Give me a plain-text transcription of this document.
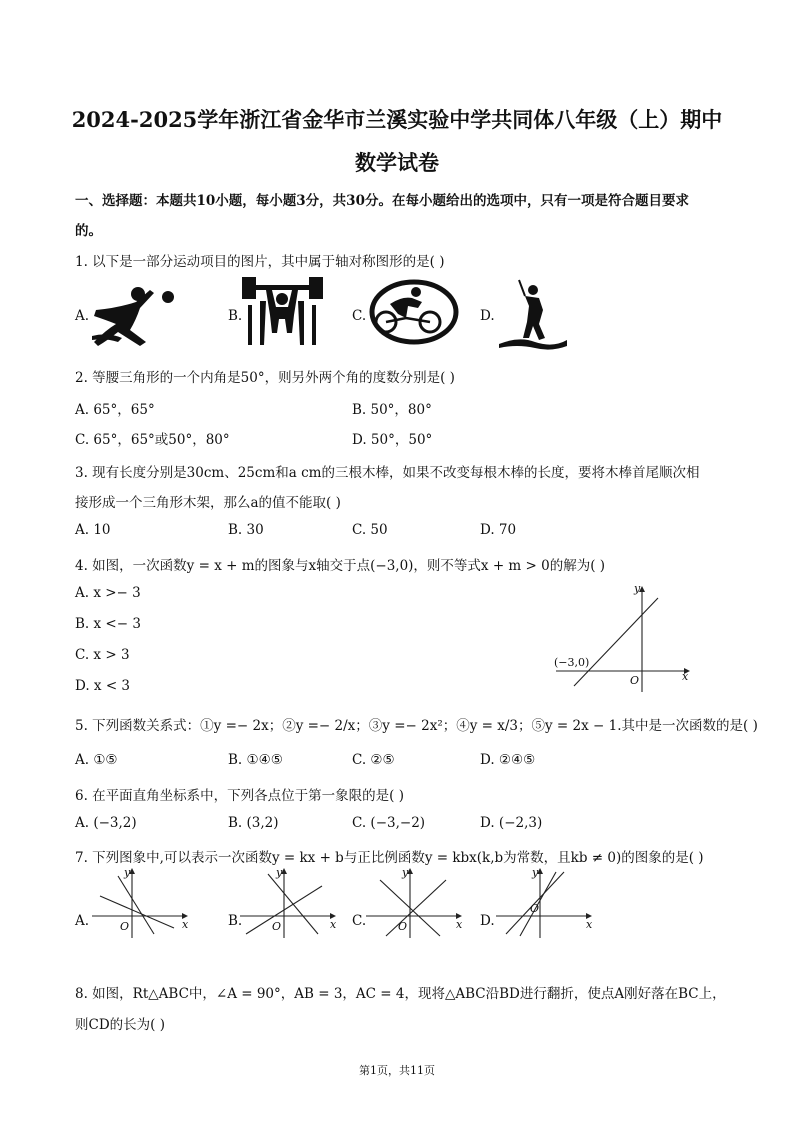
2024-2025学年浙江省金华市兰溪实验中学共同体八年级（上）期中
数学试卷
一、选择题：本题共10小题，每小题3分，共30分。在每小题给出的选项中，只有一项是符合题目要求
的。
1. 以下是一部分运动项目的图片，其中属于轴对称图形的是( )
A.	B.	C.	D.
2. 等腰三角形的一个内角是50°，则另外两个角的度数分别是( )
A. 65°，65°	B. 50°，80°
C. 65°，65°或50°，80°	D. 50°，50°
3. 现有长度分别是30cm、25cm和a cm的三根木棒，如果不改变每根木棒的长度，要将木棒首尾顺次相
接形成一个三角形木架，那么a的值不能取( )
A. 10	B. 30	C. 50	D. 70
4. 如图，一次函数y = x + m的图象与x轴交于点(−3,0)，则不等式x + m > 0的解为( )
A. x >− 3
B. x <− 3
C. x > 3
D. x < 3
y
x
O
(−3,0)
5. 下列函数关系式：①y =− 2x；②y =− 2/x；③y =− 2x²；④y = x/3；⑤y = 2x − 1.其中是一次函数的是( )
A. ①⑤	B. ①④⑤	C. ②⑤	D. ②④⑤
6. 在平面直角坐标系中，下列各点位于第一象限的是( )
A. (−3,2)	B. (3,2)	C. (−3,−2)	D. (−2,3)
7. 下列图象中,可以表示一次函数y = kx + b与正比例函数y = kbx(k,b为常数，且kb ≠ 0)的图象的是( )
A.
y
x
O	B.
y
x
O	C.
y
x
O	D.
y
x
O
8. 如图，Rt△ABC中，∠A = 90°，AB = 3，AC = 4，现将△ABC沿BD进行翻折，使点A刚好落在BC上，
则CD的长为( )
第1页，共11页
